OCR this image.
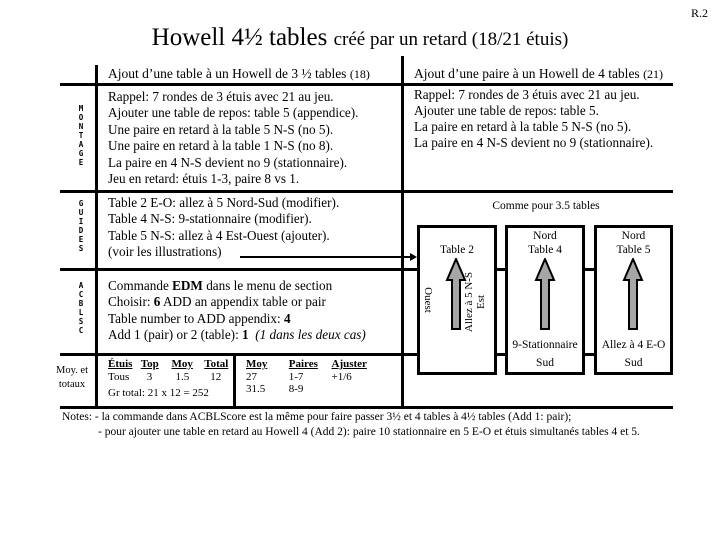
R.2
Howell 4½ tables créé par un retard (18/21 étuis)
Ajout d’une table à un Howell de 3 ½ tables (18)	Ajout d’une paire à un Howell de 4 tables (21)
M
O
N
T
A
G
E
Rappel: 7 rondes de 3 étuis avec 21 au jeu.
Ajouter une table de repos: table 5 (appendice).
Une paire en retard à la table 5 N-S (no 5).
Une paire en retard à la table 1 N-S (no 8).
La paire en 4 N-S devient no 9 (stationnaire).
Jeu en retard: étuis 1-3, paire 8 vs 1.
Rappel: 7 rondes de 3 étuis avec 21 au jeu.
Ajouter une table de repos: table 5.
La paire en retard à la table 5 N-S (no 5).
La paire en 4 N-S devient no 9 (stationnaire).
G
U
I
D
E
S
Table 2 E-O: allez à 5 Nord-Sud (modifier).
Table 4 N-S: 9-stationnaire (modifier).
Table 5 N-S: allez à 4 Est-Ouest (ajouter).
(voir les illustrations)
A
C
B
L
S
C
Commande EDM dans le menu de section
Choisir: 6 ADD an appendix table or pair
Table number to ADD appendix: 4
Add 1 (pair) or 2 (table): 1 (1 dans les deux cas)
Moy. et totaux
Étuis Top Moy Total
Tous 3 1.5 12
Gr total: 21 x 12 = 252
Moy Paires Ajuster
27	1-7	+1/6
31.5 8-9
Comme pour 3.5 tables
Table 2
Ouest	Allez à 5 N-S Est
Nord
Table 4
9-Stationnaire
Sud
Nord
Table 5
Allez à 4 E-O
Sud
Notes: - la commande dans ACBLScore est la même pour faire passer 3½ et 4 tables à 4½ tables (Add 1: pair);
- pour ajouter une table en retard au Howell 4 (Add 2): paire 10 stationnaire en 5 E-O et étuis simultanés tables 4 et 5.
